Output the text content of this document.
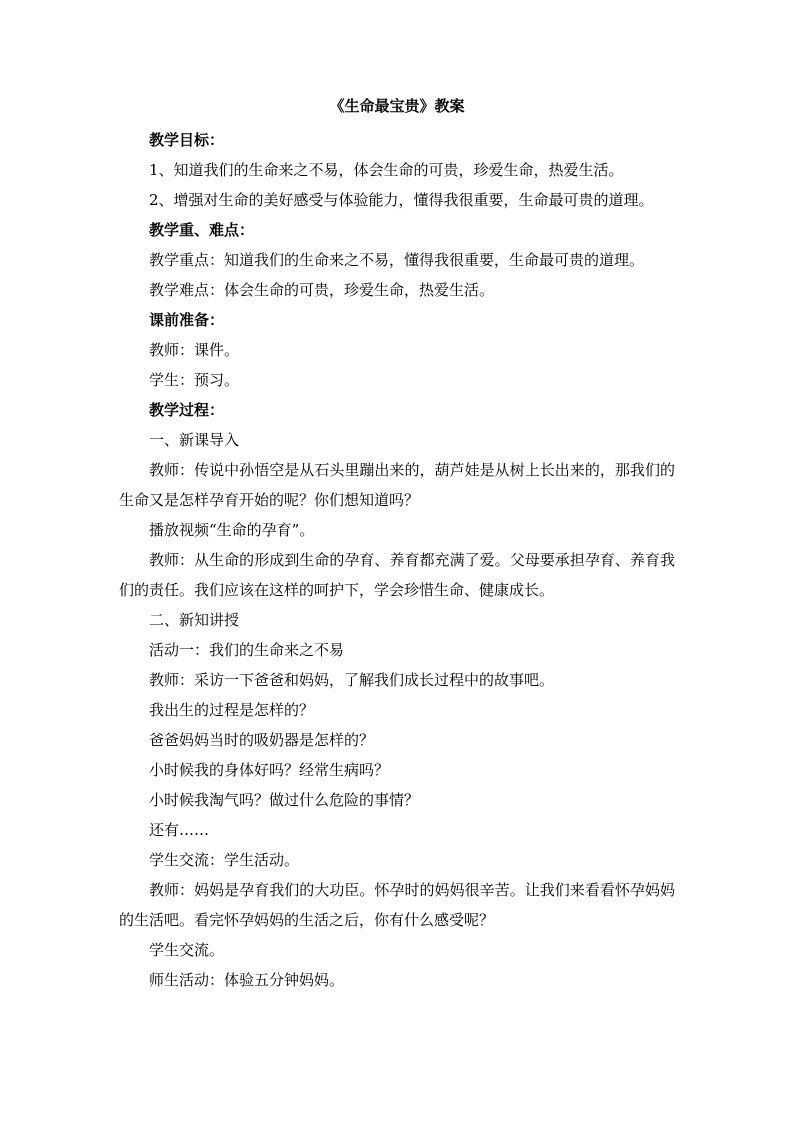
《生命最宝贵》教案

教学目标：

1、知道我们的生命来之不易，体会生命的可贵，珍爱生命，热爱生活。

2、增强对生命的美好感受与体验能力，懂得我很重要，生命最可贵的道理。

教学重、难点：

教学重点：知道我们的生命来之不易，懂得我很重要，生命最可贵的道理。

教学难点：体会生命的可贵，珍爱生命，热爱生活。

课前准备：

教师：课件。

学生：预习。

教学过程：

一、新课导入

教师：传说中孙悟空是从石头里蹦出来的，葫芦娃是从树上长出来的，那我们的生命又是怎样孕育开始的呢？你们想知道吗？

播放视频“生命的孕育”。

教师：从生命的形成到生命的孕育、养育都充满了爱。父母要承担孕育、养育我们的责任。我们应该在这样的呵护下，学会珍惜生命、健康成长。

二、新知讲授

活动一：我们的生命来之不易

教师：采访一下爸爸和妈妈，了解我们成长过程中的故事吧。

我出生的过程是怎样的？

爸爸妈妈当时的吸奶器是怎样的？

小时候我的身体好吗？经常生病吗？

小时候我淘气吗？做过什么危险的事情？

还有……

学生交流：学生活动。

教师：妈妈是孕育我们的大功臣。怀孕时的妈妈很辛苦。让我们来看看怀孕妈妈的生活吧。看完怀孕妈妈的生活之后，你有什么感受呢？

学生交流。

师生活动：体验五分钟妈妈。
